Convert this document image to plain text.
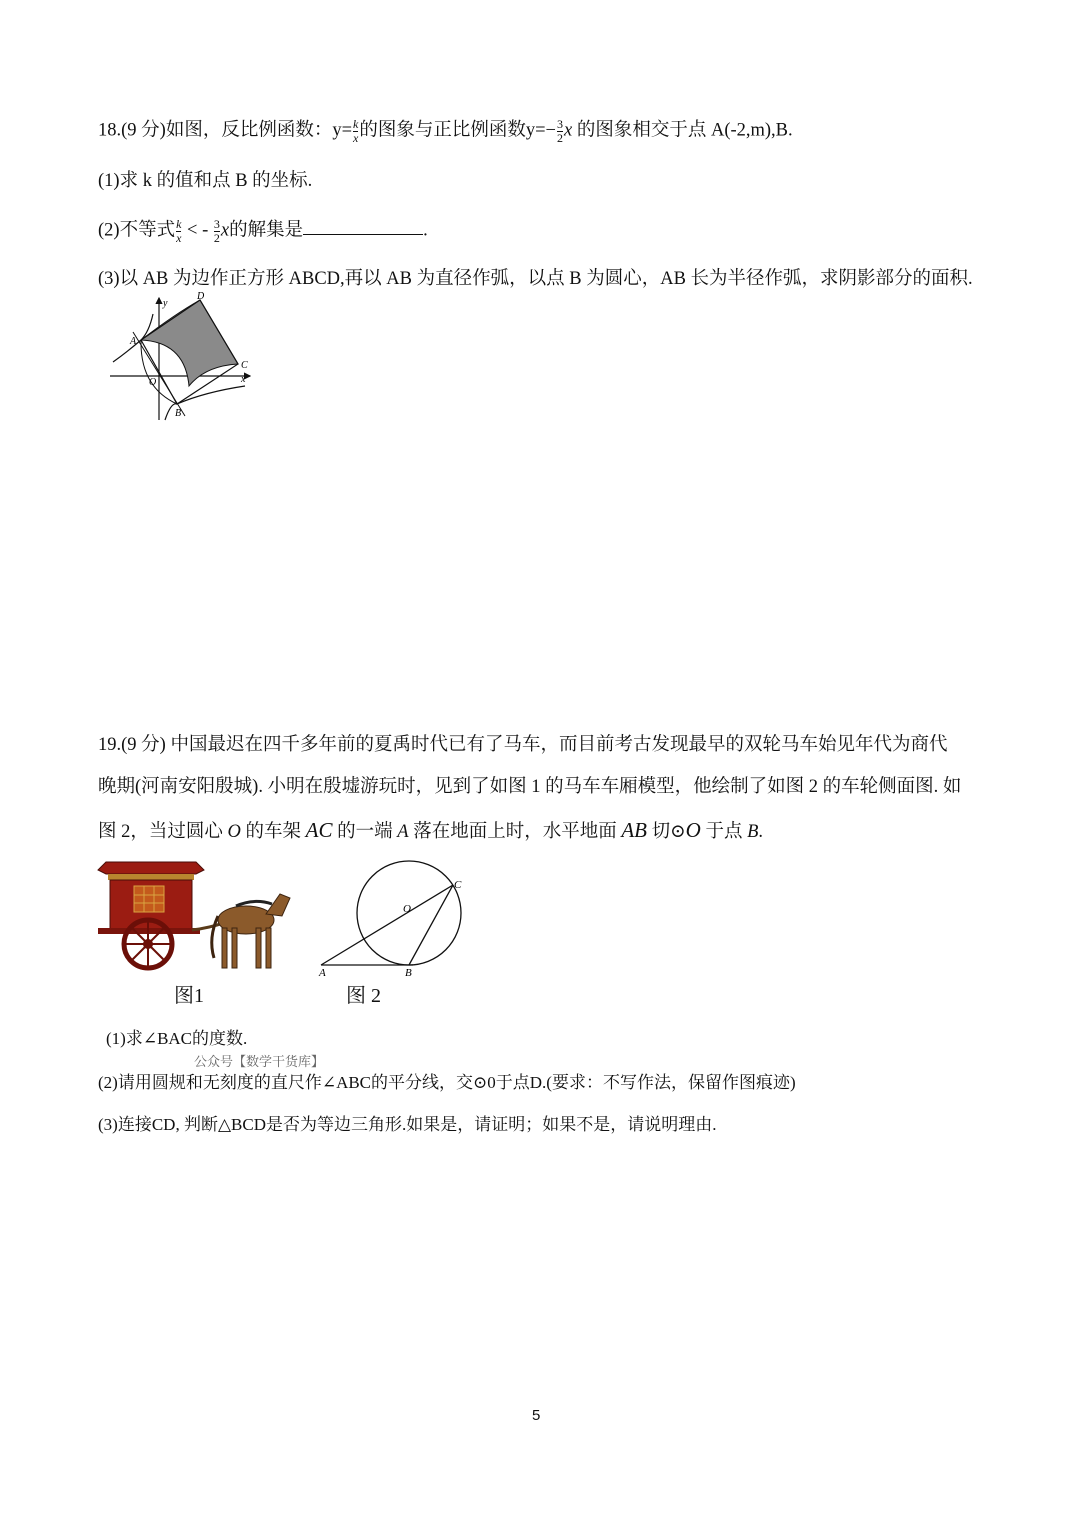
18.(9 分)如图，反比例函数：$y= \frac{k}{x}$ 的图象与正比例函数$y=- \frac{3}{2}$ x 的图象相交于点 A(-2,m),B.
(1)求 k 的值和点 B 的坐标.
(2)不等式 $\frac{k}{x}$ < - $\frac{3}{2}$ x的解集是	.
(3)以 AB 为边作正方形 ABCD,再以 AB 为直径作弧，以点 B 为圆心，AB 长为半径作弧，求阴影部分的面积.
D
y
A
C
O	x
B
19.(9 分) 中国最迟在四千多年前的夏禹时代已有了马车，而目前考古发现最早的双轮马车始见年代为商代
晚期(河南安阳殷城). 小明在殷墟游玩时，见到了如图 1 的马车车厢模型，他绘制了如图 2 的车轮侧面图. 如
图 2，当过圆心 O 的车架 AC 的一端 A 落在地面上时，水平地面 AB 切⊙O 于点 B.
C
O
A	B
图1	图 2
(1)求∠BAC的度数.
公众号【数学干货库】
(2)请用圆规和无刻度的直尺作∠ABC的平分线，交⊙0于点D.(要求：不写作法，保留作图痕迹)
(3)连接CD, 判断△BCD是否为等边三角形.如果是，请证明；如果不是，请说明理由.
5
